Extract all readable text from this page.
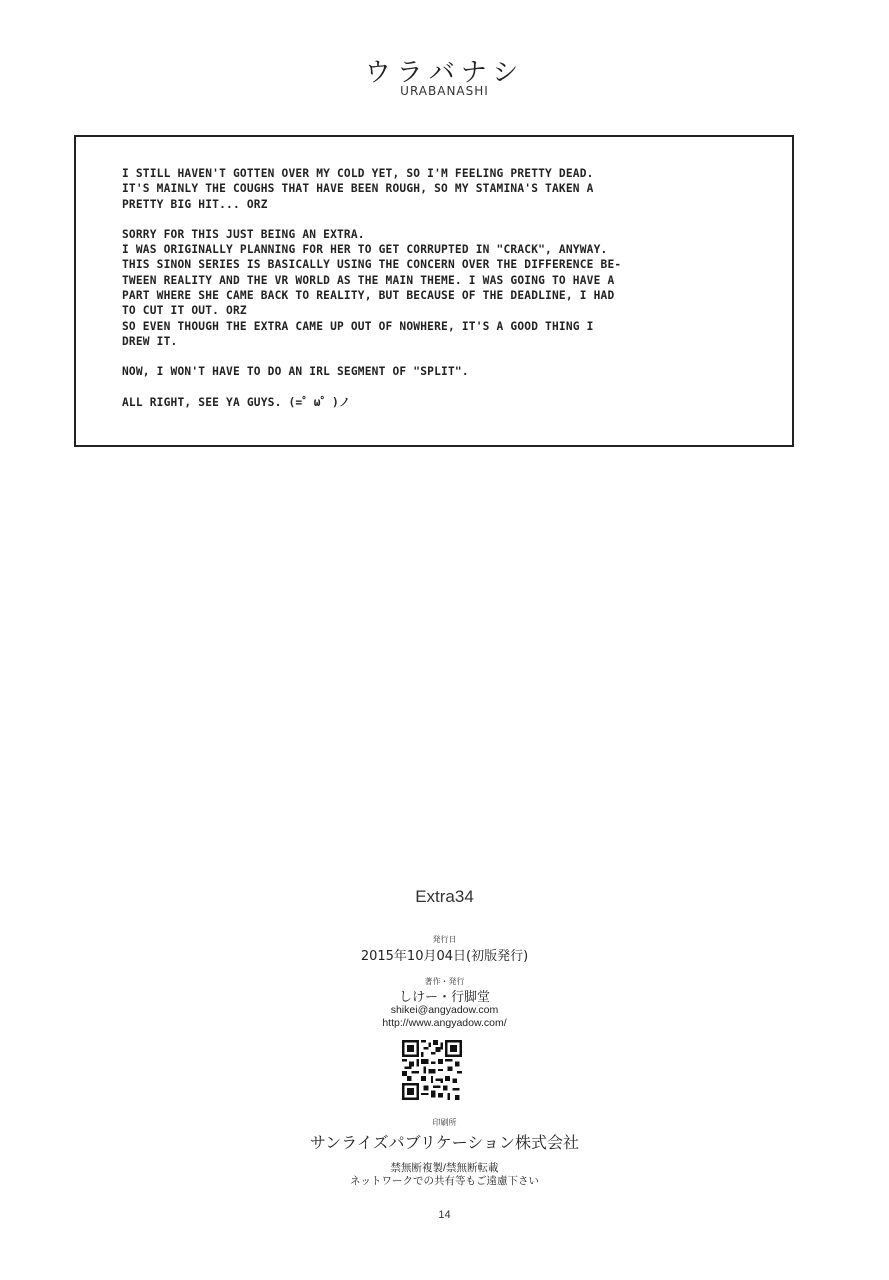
ウラバナシ
URABANASHI

I STILL HAVEN'T GOTTEN OVER MY COLD YET, SO I'M FEELING PRETTY DEAD.
IT'S MAINLY THE COUGHS THAT HAVE BEEN ROUGH, SO MY STAMINA'S TAKEN A
PRETTY BIG HIT... ORZ

SORRY FOR THIS JUST BEING AN EXTRA.
I WAS ORIGINALLY PLANNING FOR HER TO GET CORRUPTED IN "CRACK", ANYWAY.
THIS SINON SERIES IS BASICALLY USING THE CONCERN OVER THE DIFFERENCE BE-
TWEEN REALITY AND THE VR WORLD AS THE MAIN THEME. I WAS GOING TO HAVE A
PART WHERE SHE CAME BACK TO REALITY, BUT BECAUSE OF THE DEADLINE, I HAD
TO CUT IT OUT. ORZ
SO EVEN THOUGH THE EXTRA CAME UP OUT OF NOWHERE, IT'S A GOOD THING I
DREW IT.

NOW, I WON'T HAVE TO DO AN IRL SEGMENT OF "SPLIT".

ALL RIGHT, SEE YA GUYS. (=゜ω゜)ノ

Extra34
発行日
2015年10月04日(初版発行)
著作・発行
しけー・行脚堂
shikei@angyadow.com
http://www.angyadow.com/
印刷所
サンライズパブリケーション株式会社
禁無断複製/禁無断転載
ネットワークでの共有等もご遠慮下さい
14
